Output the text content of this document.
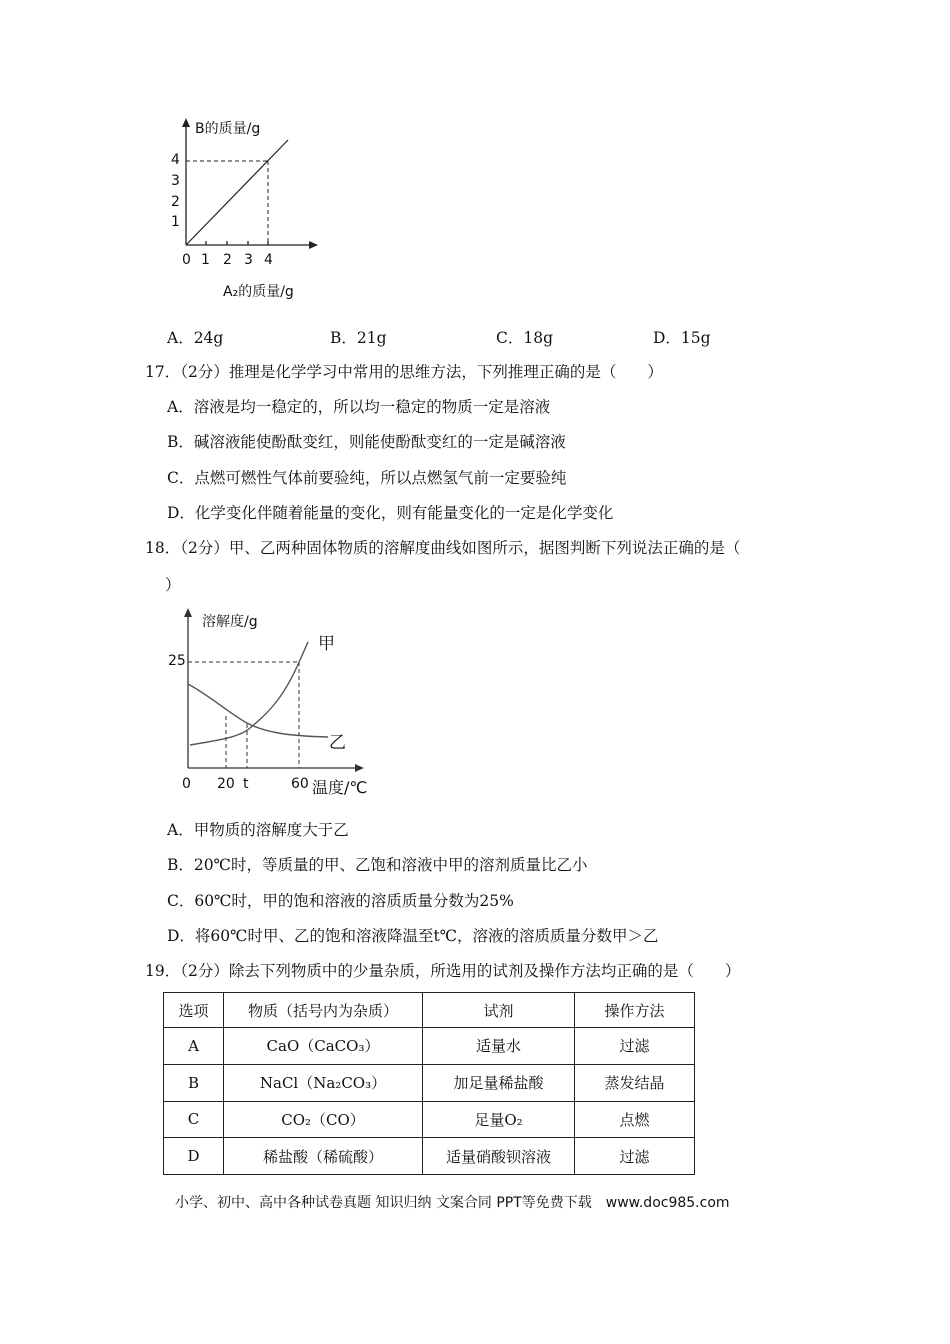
B的质量/g
4
3
2
1
0 1 2 3 4
A₂的质量/g
A．24g	B．21g	C．18g	D．15g
17．（2分）推理是化学学习中常用的思维方法，下列推理正确的是（　　）
A．溶液是均一稳定的，所以均一稳定的物质一定是溶液
B．碱溶液能使酚酞变红，则能使酚酞变红的一定是碱溶液
C．点燃可燃性气体前要验纯，所以点燃氢气前一定要验纯
D．化学变化伴随着能量的变化，则有能量变化的一定是化学变化
18．（2分）甲、乙两种固体物质的溶解度曲线如图所示，据图判断下列说法正确的是（
）
溶解度/g
25
甲
乙
0 20 t	60 温度/℃
A．甲物质的溶解度大于乙
B．20℃时，等质量的甲、乙饱和溶液中甲的溶剂质量比乙小
C．60℃时，甲的饱和溶液的溶质质量分数为25%
D．将60℃时甲、乙的饱和溶液降温至t℃，溶液的溶质质量分数甲＞乙
19．（2分）除去下列物质中的少量杂质，所选用的试剂及操作方法均正确的是（　　）
选项	物质（括号内为杂质）	试剂	操作方法
A	CaO（CaCO₃）	适量水	过滤
B	NaCl（Na₂CO₃）	加足量稀盐酸	蒸发结晶
C	CO₂（CO）	足量O₂	点燃
D	稀盐酸（稀硫酸）	适量硝酸钡溶液	过滤
小学、初中、高中各种试卷真题 知识归纳 文案合同 PPT等免费下载　www.doc985.com
